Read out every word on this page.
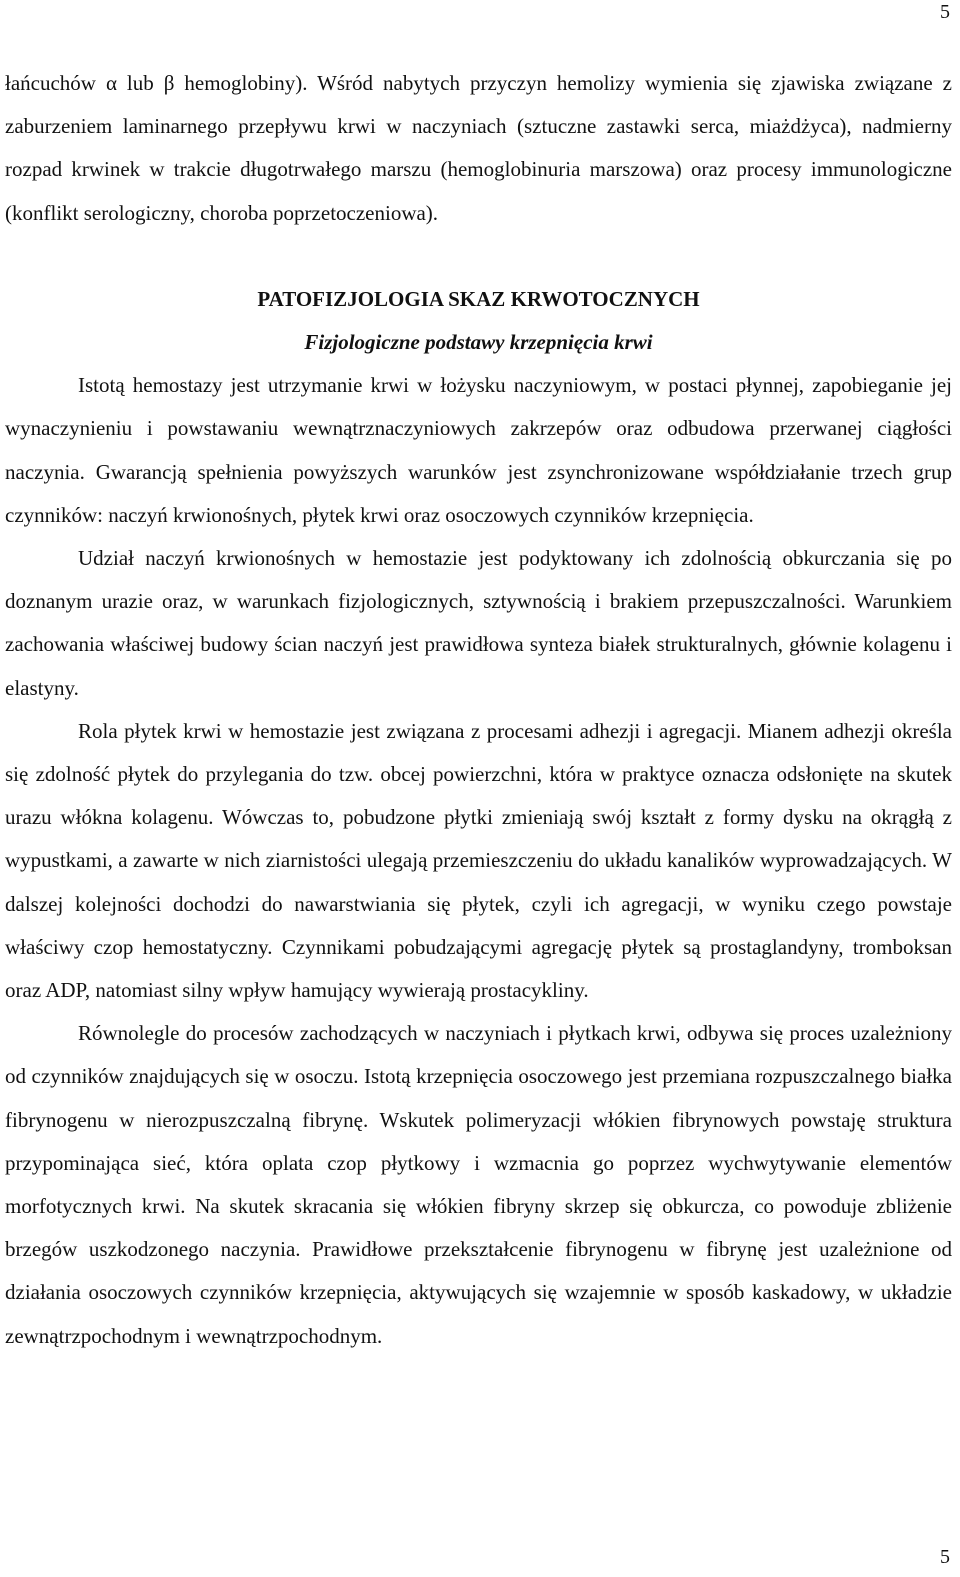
5

łańcuchów α lub β hemoglobiny). Wśród nabytych przyczyn hemolizy wymienia się zjawiska związane z zaburzeniem laminarnego przepływu krwi w naczyniach (sztuczne zastawki serca, miażdżyca), nadmierny rozpad krwinek w trakcie długotrwałego marszu (hemoglobinuria marszowa) oraz procesy immunologiczne (konflikt serologiczny, choroba poprzetoczeniowa).

PATOFIZJOLOGIA SKAZ KRWOTOCZNYCH
Fizjologiczne podstawy krzepnięcia krwi

Istotą hemostazy jest utrzymanie krwi w łożysku naczyniowym, w postaci płynnej, zapobieganie jej wynaczynieniu i powstawaniu wewnątrznaczyniowych zakrzepów oraz odbudowa przerwanej ciągłości naczynia. Gwarancją spełnienia powyższych warunków jest zsynchronizowane współdziałanie trzech grup czynników: naczyń krwionośnych, płytek krwi oraz osoczowych czynników krzepnięcia.

Udział naczyń krwionośnych w hemostazie jest podyktowany ich zdolnością obkurczania się po doznanym urazie oraz, w warunkach fizjologicznych, sztywnością i brakiem przepuszczalności. Warunkiem zachowania właściwej budowy ścian naczyń jest prawidłowa synteza białek strukturalnych, głównie kolagenu i elastyny.

Rola płytek krwi w hemostazie jest związana z procesami adhezji i agregacji. Mianem adhezji określa się zdolność płytek do przylegania do tzw. obcej powierzchni, która w praktyce oznacza odsłonięte na skutek urazu włókna kolagenu. Wówczas to, pobudzone płytki zmieniają swój kształt z formy dysku na okrągłą z wypustkami, a zawarte w nich ziarnistości ulegają przemieszczeniu do układu kanalików wyprowadzających. W dalszej kolejności dochodzi do nawarstwiania się płytek, czyli ich agregacji, w wyniku czego powstaje właściwy czop hemostatyczny. Czynnikami pobudzającymi agregację płytek są prostaglandyny, tromboksan oraz ADP, natomiast silny wpływ hamujący wywierają prostacykliny.

Równolegle do procesów zachodzących w naczyniach i płytkach krwi, odbywa się proces uzależniony od czynników znajdujących się w osoczu. Istotą krzepnięcia osoczowego jest przemiana rozpuszczalnego białka fibrynogenu w nierozpuszczalną fibrynę. Wskutek polimeryzacji włókien fibrynowych powstaję struktura przypominająca sieć, która oplata czop płytkowy i wzmacnia go poprzez wychwytywanie elementów morfotycznych krwi. Na skutek skracania się włókien fibryny skrzep się obkurcza, co powoduje zbliżenie brzegów uszkodzonego naczynia. Prawidłowe przekształcenie fibrynogenu w fibrynę jest uzależnione od działania osoczowych czynników krzepnięcia, aktywujących się wzajemnie w sposób kaskadowy, w układzie zewnątrzpochodnym i wewnątrzpochodnym.

5
